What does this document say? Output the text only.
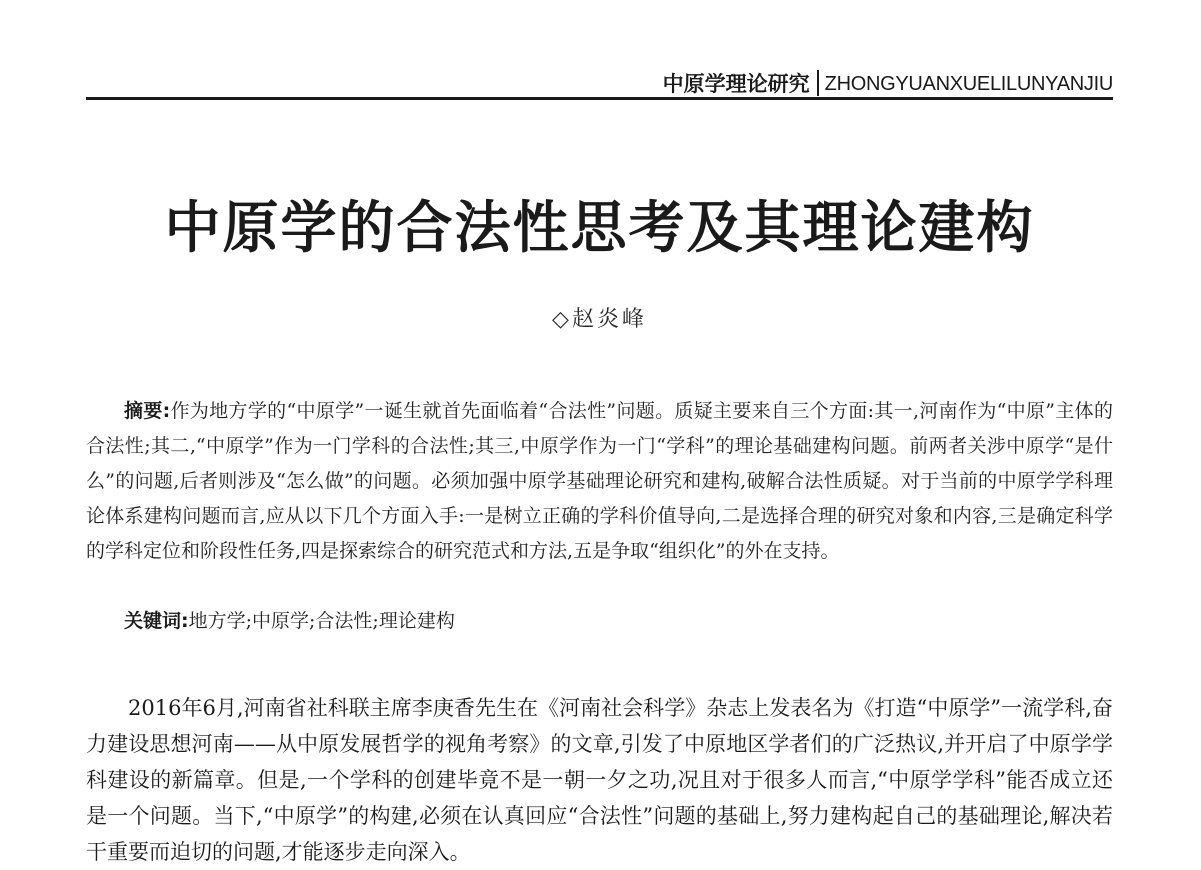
中原学理论研究 ZHONGYUANXUELILUNYANJIU
中原学的合法性思考及其理论建构
◇赵炎峰

摘要:作为地方学的“中原学”一诞生就首先面临着“合法性”问题。质疑主要来自三个方面:其一,河南作为“中原”主体的合法性;其二,“中原学”作为一门学科的合法性;其三,中原学作为一门“学科”的理论基础建构问题。前两者关涉中原学“是什么”的问题,后者则涉及“怎么做”的问题。必须加强中原学基础理论研究和建构,破解合法性质疑。对于当前的中原学学科理论体系建构问题而言,应从以下几个方面入手:一是树立正确的学科价值导向,二是选择合理的研究对象和内容,三是确定科学的学科定位和阶段性任务,四是探索综合的研究范式和方法,五是争取“组织化”的外在支持。

关键词:地方学;中原学;合法性;理论建构

2016年6月,河南省社科联主席李庚香先生在《河南社会科学》杂志上发表名为《打造“中原学”一流学科,奋力建设思想河南——从中原发展哲学的视角考察》的文章,引发了中原地区学者们的广泛热议,并开启了中原学学科建设的新篇章。但是,一个学科的创建毕竟不是一朝一夕之功,况且对于很多人而言,“中原学学科”能否成立还是一个问题。当下,“中原学”的构建,必须在认真回应“合法性”问题的基础上,努力建构起自己的基础理论,解决若干重要而迫切的问题,才能逐步走向深入。
